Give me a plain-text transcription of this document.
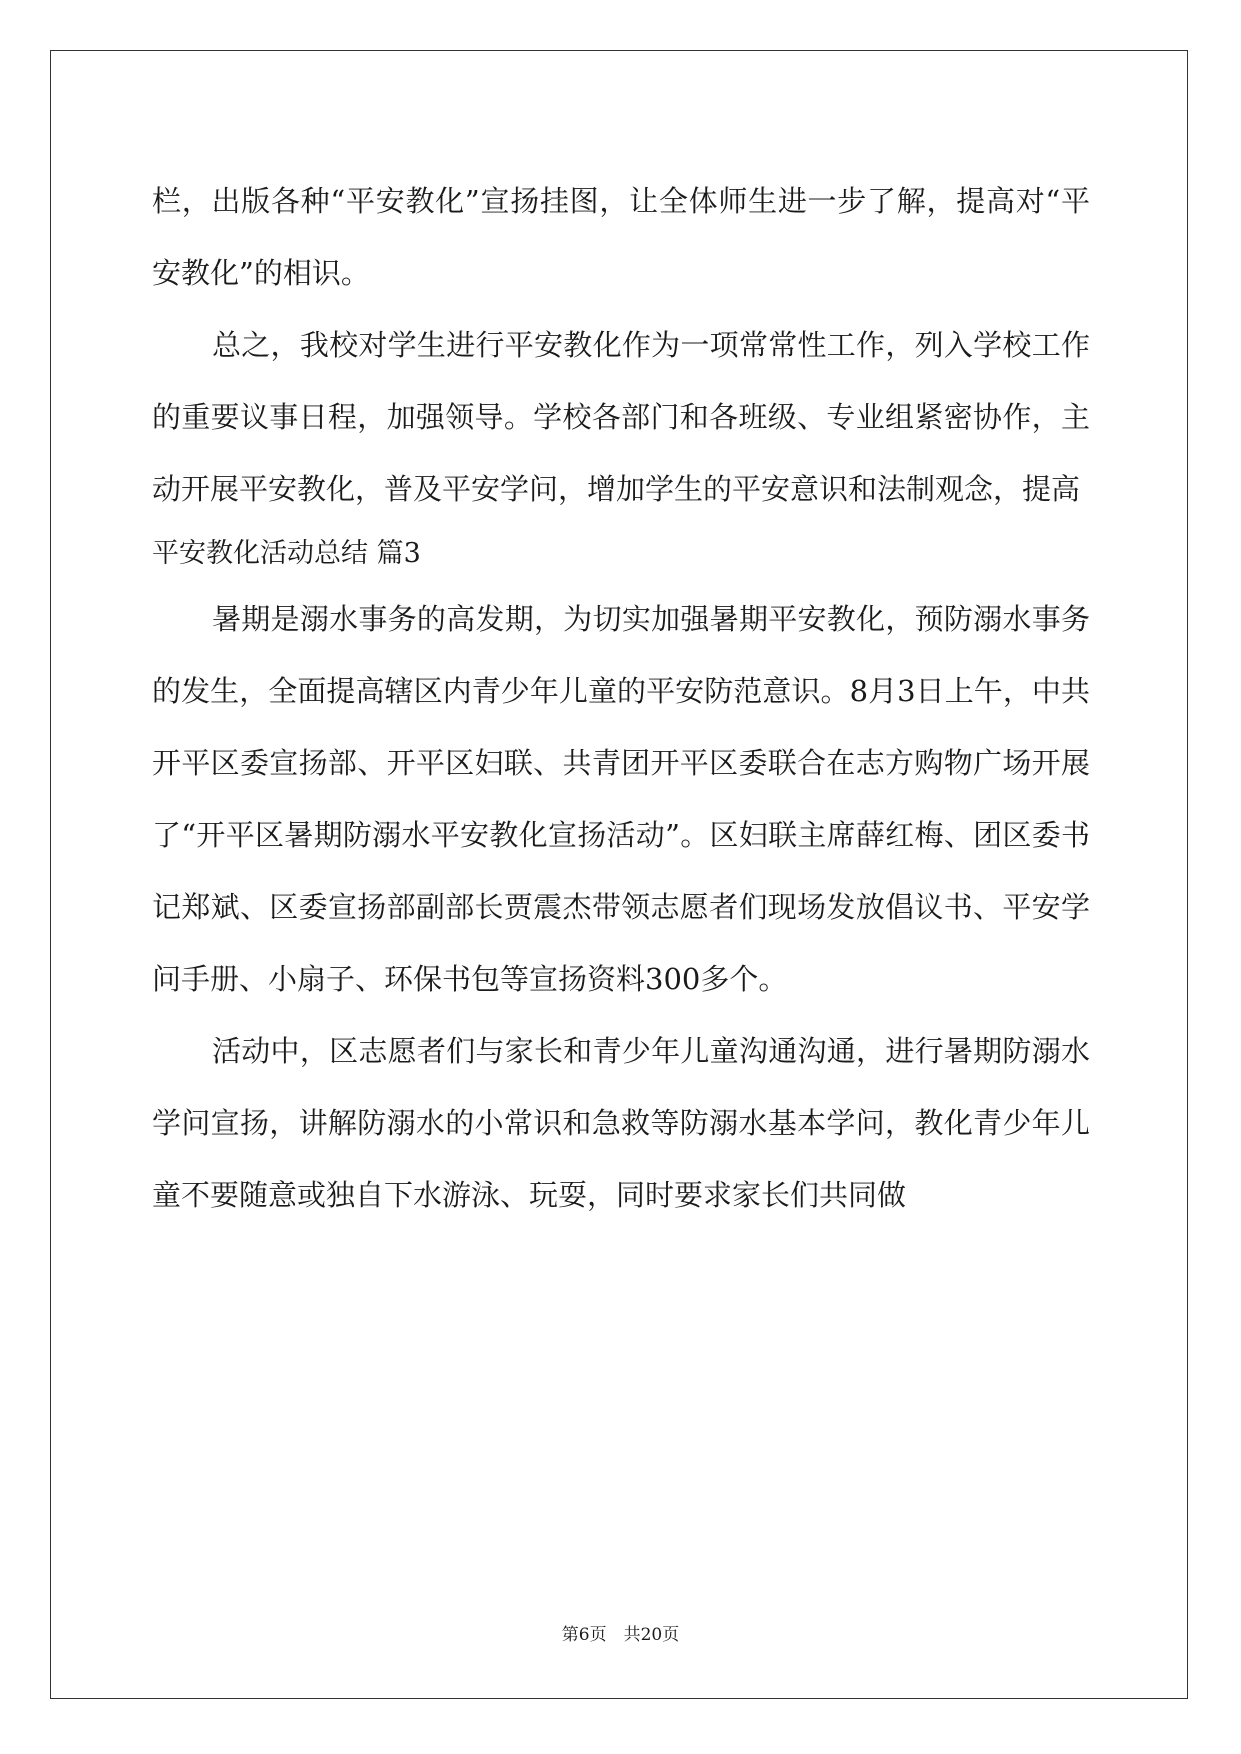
栏，出版各种“平安教化”宣扬挂图，让全体师生进一步了解，提高对“平安教化”的相识。

总之，我校对学生进行平安教化作为一项常常性工作，列入学校工作的重要议事日程，加强领导。学校各部门和各班级、专业组紧密协作，主动开展平安教化，普及平安学问，增加学生的平安意识和法制观念，提高

平安教化活动总结 篇3

暑期是溺水事务的高发期，为切实加强暑期平安教化，预防溺水事务的发生，全面提高辖区内青少年儿童的平安防范意识。8月3日上午，中共开平区委宣扬部、开平区妇联、共青团开平区委联合在志方购物广场开展了“开平区暑期防溺水平安教化宣扬活动”。区妇联主席薛红梅、团区委书记郑斌、区委宣扬部副部长贾震杰带领志愿者们现场发放倡议书、平安学问手册、小扇子、环保书包等宣扬资料300多个。

活动中，区志愿者们与家长和青少年儿童沟通沟通，进行暑期防溺水学问宣扬，讲解防溺水的小常识和急救等防溺水基本学问，教化青少年儿童不要随意或独自下水游泳、玩耍，同时要求家长们共同做

第6页　共20页
